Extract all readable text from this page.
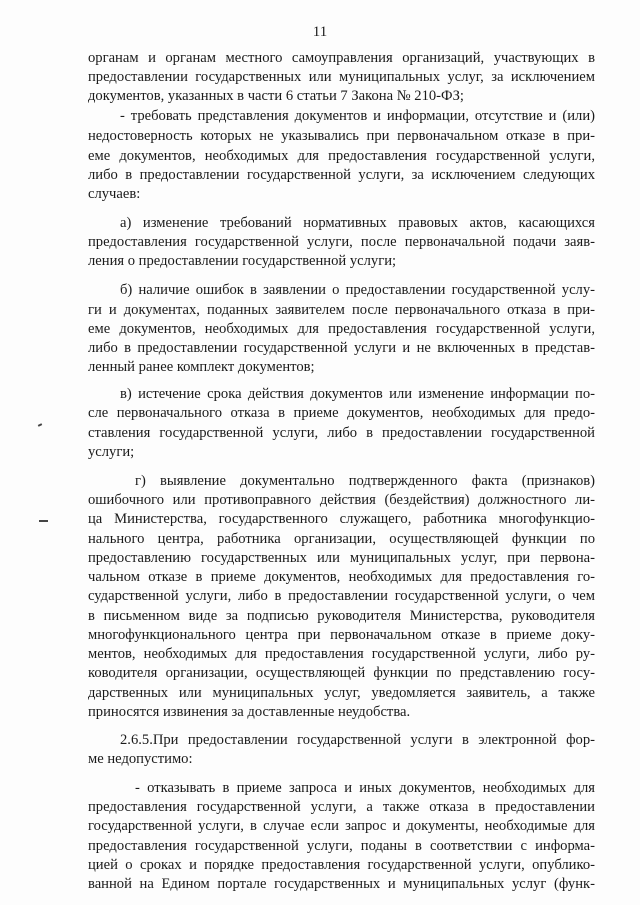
11
органам и органам местного самоуправления организаций, участвующих в
предоставлении государственных или муниципальных услуг, за исключением
документов, указанных в части 6 статьи 7 Закона № 210-ФЗ;
- требовать представления документов и информации, отсутствие и (или)
недостоверность которых не указывались при первоначальном отказе в при-
еме документов, необходимых для предоставления государственной услуги,
либо в предоставлении государственной услуги, за исключением следующих
случаев:
а) изменение требований нормативных правовых актов, касающихся
предоставления государственной услуги, после первоначальной подачи заяв-
ления о предоставлении государственной услуги;
б) наличие ошибок в заявлении о предоставлении государственной услу-
ги и документах, поданных заявителем после первоначального отказа в при-
еме документов, необходимых для предоставления государственной услуги,
либо в предоставлении государственной услуги и не включенных в представ-
ленный ранее комплект документов;
в) истечение срока действия документов или изменение информации по-
сле первоначального отказа в приеме документов, необходимых для предо-
ставления государственной услуги, либо в предоставлении государственной
услуги;
г) выявление документально подтвержденного факта (признаков)
ошибочного или противоправного действия (бездействия) должностного ли-
ца Министерства, государственного служащего, работника многофункцио-
нального центра, работника организации, осуществляющей функции по
предоставлению государственных или муниципальных услуг, при первона-
чальном отказе в приеме документов, необходимых для предоставления го-
сударственной услуги, либо в предоставлении государственной услуги, о чем
в письменном виде за подписью руководителя Министерства, руководителя
многофункционального центра при первоначальном отказе в приеме доку-
ментов, необходимых для предоставления государственной услуги, либо ру-
ководителя организации, осуществляющей функции по представлению госу-
дарственных или муниципальных услуг, уведомляется заявитель, а также
приносятся извинения за доставленные неудобства.
2.6.5.При предоставлении государственной услуги в электронной фор-
ме недопустимо:
- отказывать в приеме запроса и иных документов, необходимых для
предоставления государственной услуги, а также отказа в предоставлении
государственной услуги, в случае если запрос и документы, необходимые для
предоставления государственной услуги, поданы в соответствии с информа-
цией о сроках и порядке предоставления государственной услуги, опублико-
ванной на Едином портале государственных и муниципальных услуг (функ-
